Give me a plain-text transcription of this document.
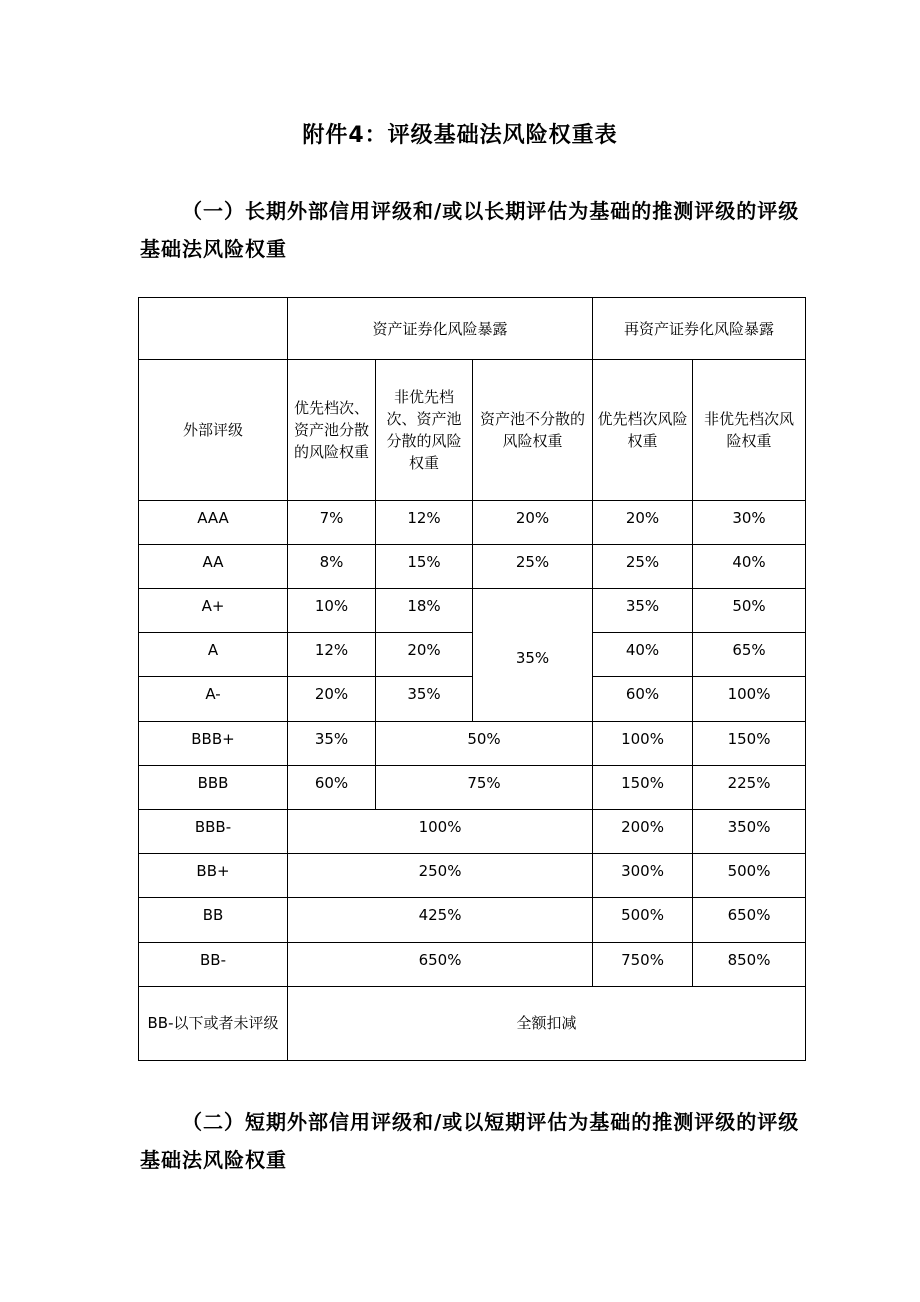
附件4：评级基础法风险权重表
（一）长期外部信用评级和/或以长期评估为基础的推测评级的评级基础法风险权重
	资产证券化风险暴露			再资产证券化风险暴露	
外部评级	优先档次、资产池分散的风险权重	非优先档次、资产池分散的风险权重	资产池不分散的风险权重	优先档次风险权重	非优先档次风险权重
AAA	7%	12%	20%	20%	30%
AA	8%	15%	25%	25%	40%
A+	10%	18%	35%	35%	50%
A	12%	20%		40%	65%
A-	20%	35%		60%	100%
BBB+	35%	50%		100%	150%
BBB	60%	75%		150%	225%
BBB-	100%			200%	350%
BB+	250%			300%	500%
BB	425%			500%	650%
BB-	650%			750%	850%
BB-以下或者未评级	全额扣减				
（二）短期外部信用评级和/或以短期评估为基础的推测评级的评级基础法风险权重
